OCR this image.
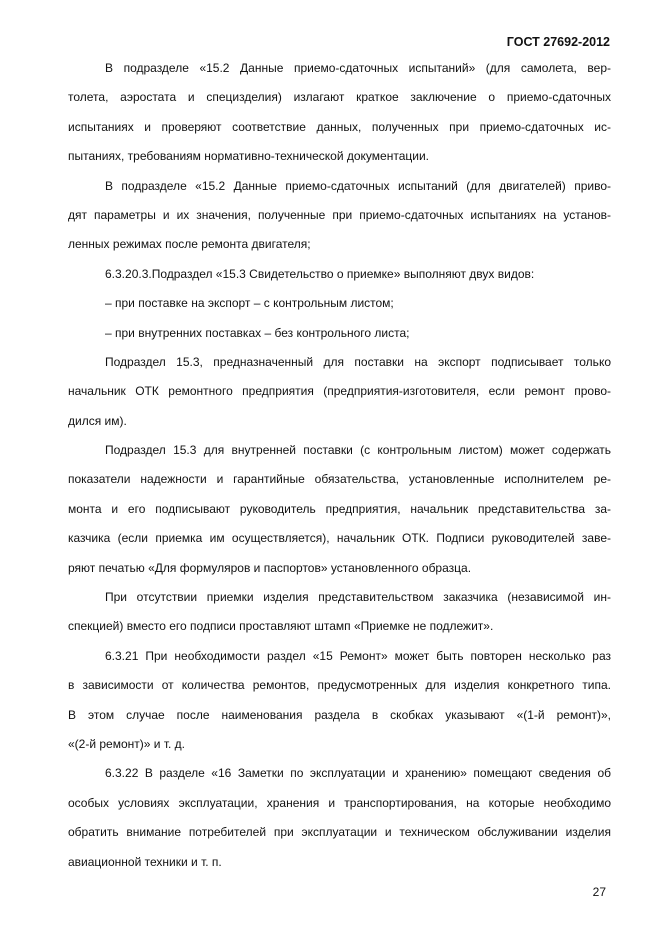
ГОСТ 27692-2012
В подразделе «15.2 Данные приемо-сдаточных испытаний» (для самолета, вер-
толета, аэростата и специзделия) излагают краткое заключение о приемо-сдаточных
испытаниях и проверяют соответствие данных, полученных при приемо-сдаточных ис-
пытаниях, требованиям нормативно-технической документации.
В подразделе «15.2 Данные приемо-сдаточных испытаний (для двигателей) приво-
дят параметры и их значения, полученные при приемо-сдаточных испытаниях на установ-
ленных режимах после ремонта двигателя;
6.3.20.3.Подраздел «15.3 Свидетельство о приемке» выполняют двух видов:
– при поставке на экспорт – с контрольным листом;
– при внутренних поставках – без контрольного листа;
Подраздел 15.3, предназначенный для поставки на экспорт подписывает только
начальник ОТК ремонтного предприятия (предприятия-изготовителя, если ремонт прово-
дился им).
Подраздел 15.3 для внутренней поставки (с контрольным листом) может содержать
показатели надежности и гарантийные обязательства, установленные исполнителем ре-
монта и его подписывают руководитель предприятия, начальник представительства за-
казчика (если приемка им осуществляется), начальник ОТК. Подписи руководителей заве-
ряют печатью «Для формуляров и паспортов» установленного образца.
При отсутствии приемки изделия представительством заказчика (независимой ин-
спекцией) вместо его подписи проставляют штамп «Приемке не подлежит».
6.3.21 При необходимости раздел «15 Ремонт» может быть повторен несколько раз
в зависимости от количества ремонтов, предусмотренных для изделия конкретного типа.
В этом случае после наименования раздела в скобках указывают «(1-й ремонт)»,
«(2-й ремонт)» и т. д.
6.3.22 В разделе «16 Заметки по эксплуатации и хранению» помещают сведения об
особых условиях эксплуатации, хранения и транспортирования, на которые необходимо
обратить внимание потребителей при эксплуатации и техническом обслуживании изделия
авиационной техники и т. п.
27
